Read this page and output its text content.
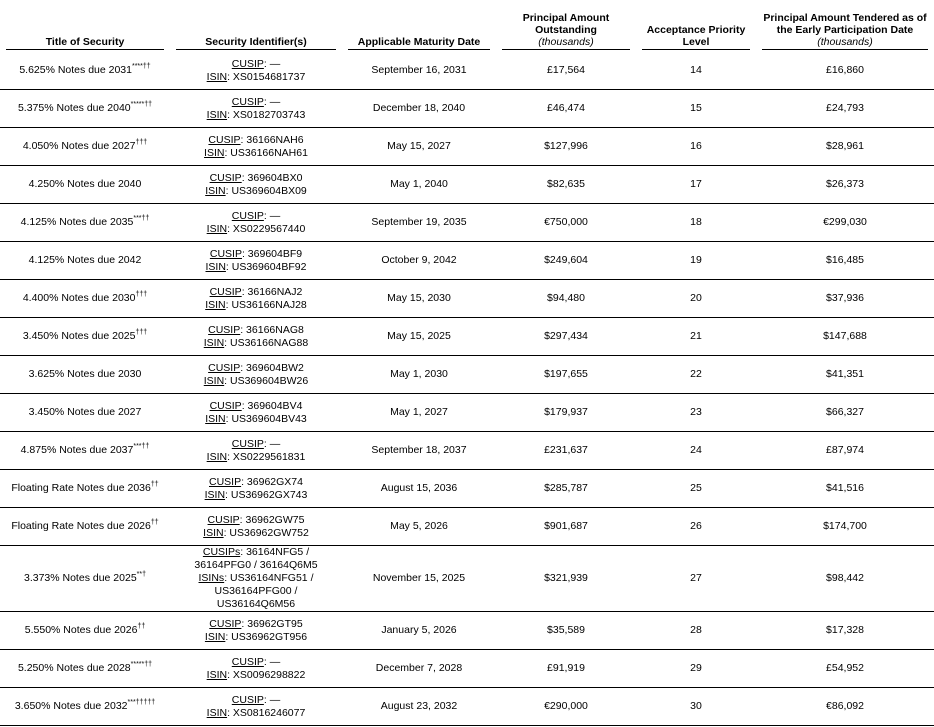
Title of Security	Security Identifier(s)	Applicable Maturity Date	Principal Amount Outstanding
(thousands)	Acceptance Priority Level	Principal Amount Tendered as of the Early Participation Date
(thousands)

5.625% Notes due 2031****††	CUSIP: —
ISIN: XS0154681737	September 16, 2031	£17,564	14	£16,860
5.375% Notes due 2040*****††	CUSIP: —
ISIN: XS0182703743	December 18, 2040	£46,474	15	£24,793
4.050% Notes due 2027†††	CUSIP: 36166NAH6
ISIN: US36166NAH61	May 15, 2027	$127,996	16	$28,961
4.250% Notes due 2040	CUSIP: 369604BX0
ISIN: US369604BX09	May 1, 2040	$82,635	17	$26,373
4.125% Notes due 2035***††	CUSIP: —
ISIN: XS0229567440	September 19, 2035	€750,000	18	€299,030
4.125% Notes due 2042	CUSIP: 369604BF9
ISIN: US369604BF92	October 9, 2042	$249,604	19	$16,485
4.400% Notes due 2030†††	CUSIP: 36166NAJ2
ISIN: US36166NAJ28	May 15, 2030	$94,480	20	$37,936
3.450% Notes due 2025†††	CUSIP: 36166NAG8
ISIN: US36166NAG88	May 15, 2025	$297,434	21	$147,688
3.625% Notes due 2030	CUSIP: 369604BW2
ISIN: US369604BW26	May 1, 2030	$197,655	22	$41,351
3.450% Notes due 2027	CUSIP: 369604BV4
ISIN: US369604BV43	May 1, 2027	$179,937	23	$66,327
4.875% Notes due 2037***††	CUSIP: —
ISIN: XS0229561831	September 18, 2037	£231,637	24	£87,974
Floating Rate Notes due 2036††	CUSIP: 36962GX74
ISIN: US36962GX743	August 15, 2036	$285,787	25	$41,516
Floating Rate Notes due 2026††	CUSIP: 36962GW75
ISIN: US36962GW752	May 5, 2026	$901,687	26	$174,700
3.373% Notes due 2025**†	CUSIPs: 36164NFG5 / 36164PFG0 / 36164Q6M5
ISINs: US36164NFG51 / US36164PFG00 / US36164Q6M56	November 15, 2025	$321,939	27	$98,442
5.550% Notes due 2026††	CUSIP: 36962GT95
ISIN: US36962GT956	January 5, 2026	$35,589	28	$17,328
5.250% Notes due 2028*****††	CUSIP: —
ISIN: XS0096298822	December 7, 2028	£91,919	29	£54,952
3.650% Notes due 2032***†††††	CUSIP: —
ISIN: XS0816246077	August 23, 2032	€290,000	30	€86,092
